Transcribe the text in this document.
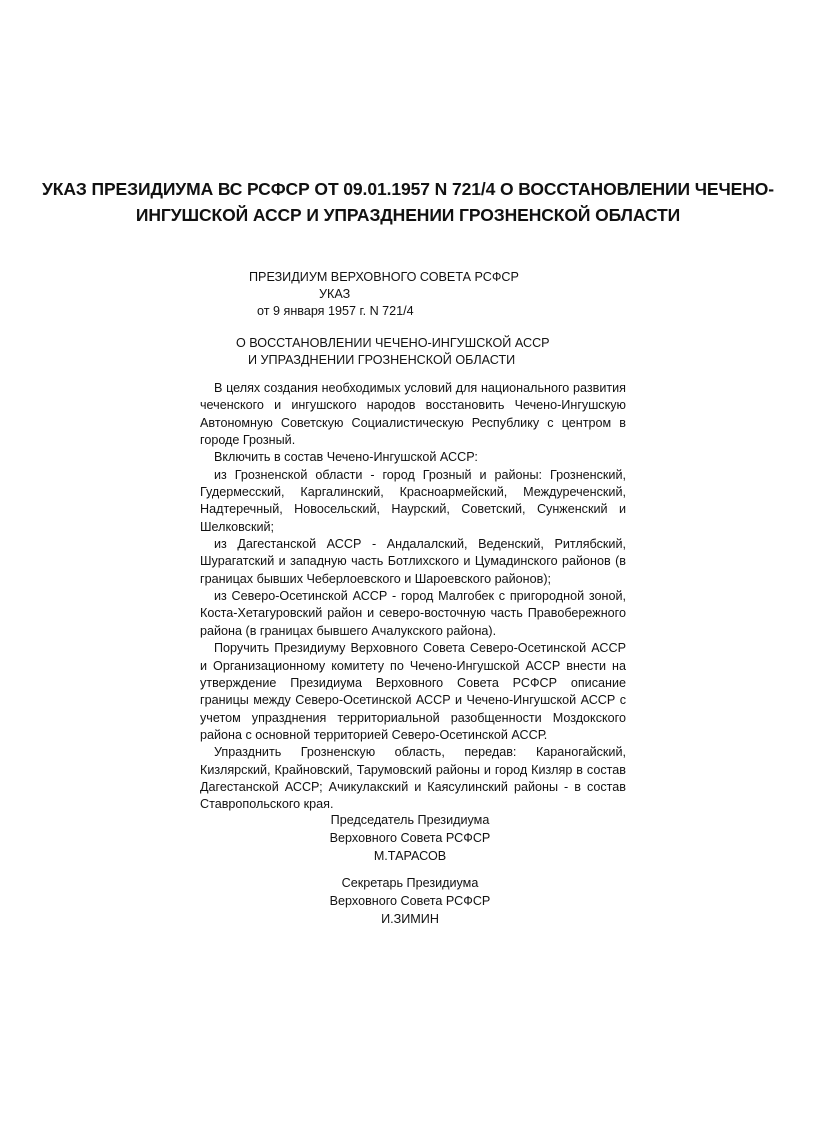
УКАЗ ПРЕЗИДИУМА ВС РСФСР ОТ 09.01.1957 N 721/4 О ВОССТАНОВЛЕНИИ ЧЕЧЕНО-
ИНГУШСКОЙ АССР И УПРАЗДНЕНИИ ГРОЗНЕНСКОЙ ОБЛАСТИ
ПРЕЗИДИУМ ВЕРХОВНОГО СОВЕТА РСФСР
УКАЗ
от 9 января 1957 г. N 721/4
О ВОССТАНОВЛЕНИИ ЧЕЧЕНО-ИНГУШСКОЙ АССР
И УПРАЗДНЕНИИ ГРОЗНЕНСКОЙ ОБЛАСТИ

В целях создания необходимых условий для национального развития чеченского и ингушского народов восстановить Чечено-Ингушскую Автономную Советскую Социалистическую Республику с центром в городе Грозный.

Включить в состав Чечено-Ингушской АССР:

из Грозненской области - город Грозный и районы: Грозненский, Гудермесский, Каргалинский, Красноармейский, Междуреченский, Надтеречный, Новосельский, Наурский, Советский, Сунженский и Шелковский;

из Дагестанской АССР - Андалалский, Веденский, Ритлябский, Шурагатский и западную часть Ботлихского и Цумадинского районов (в границах бывших Чеберлоевского и Шароевского районов);

из Северо-Осетинской АССР - город Малгобек с пригородной зоной, Коста-Хетагуровский район и северо-восточную часть Правобережного района (в границах бывшего Ачалукского района).

Поручить Президиуму Верховного Совета Северо-Осетинской АССР и Организационному комитету по Чечено-Ингушской АССР внести на утверждение Президиума Верховного Совета РСФСР описание границы между Северо-Осетинской АССР и Чечено-Ингушской АССР с учетом упразднения территориальной разобщенности Моздокского района с основной территорией Северо-Осетинской АССР.

Упразднить Грозненскую область, передав: Караногайский, Кизлярский, Крайновский, Тарумовский районы и город Кизляр в состав Дагестанской АССР; Ачикулакский и Каясулинский районы - в состав Ставропольского края.

Председатель Президиума
Верховного Совета РСФСР
М.ТАРАСОВ
Секретарь Президиума
Верховного Совета РСФСР
И.ЗИМИН
